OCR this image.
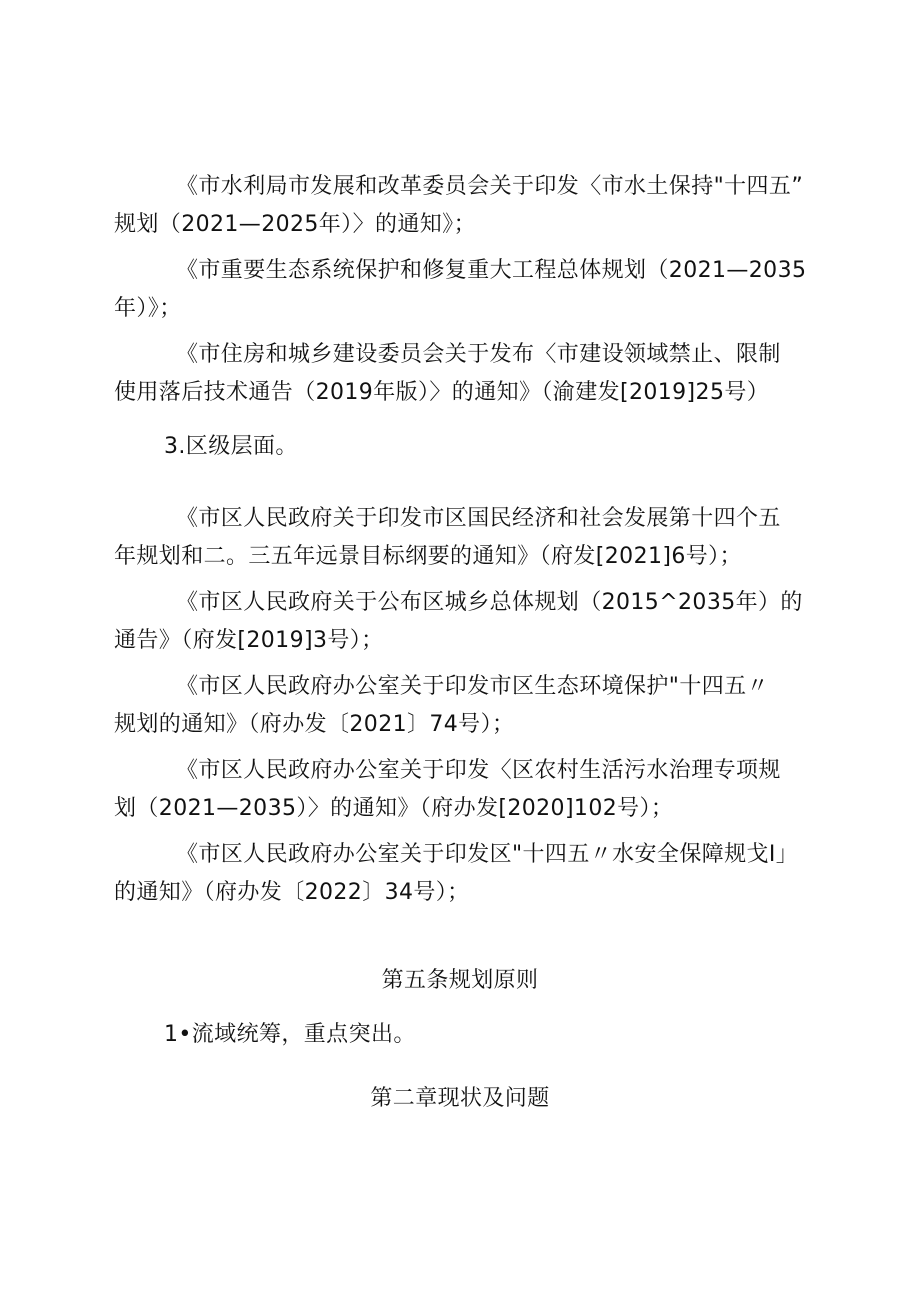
《市水利局市发展和改革委员会关于印发〈市水土保持"十四五”
规划（2021—2025年）〉的通知》；
《市重要生态系统保护和修复重大工程总体规划（2021—2035
年）》；
《市住房和城乡建设委员会关于发布〈市建设领域禁止、限制
使用落后技术通告（2019年版）〉的通知》（渝建发[2019]25号）
3.区级层面。
《市区人民政府关于印发市区国民经济和社会发展第十四个五
年规划和二。三五年远景目标纲要的通知》（府发[2021]6号）；
《市区人民政府关于公布区城乡总体规划（2015^2035年）的
通告》（府发[2019]3号）；
《市区人民政府办公室关于印发市区生态环境保护"十四五〃
规划的通知》（府办发〔2021〕74号）；
《市区人民政府办公室关于印发〈区农村生活污水治理专项规
划（2021—2035）〉的通知》（府办发[2020]102号）；
《市区人民政府办公室关于印发区"十四五〃水安全保障规戈I」
的通知》（府办发〔2022〕34号）；
第五条规划原则
1•流域统筹，重点突出。
第二章现状及问题
